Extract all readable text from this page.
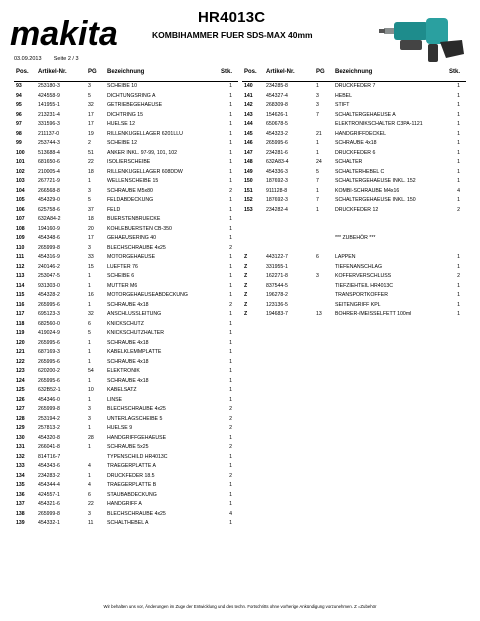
makita	HR4013C
KOMBIHAMMER FUER SDS-MAX 40mm
03.09.2013 Seite 2 / 3
Pos. Artikel-Nr.	PG Bezeichnung	Stk.
93	253180-3	3	SCHEIBE 10	1
94	424558-9	5	DICHTUNGSRING A	1
95	141955-1	32	GETRIEBEGEHAEUSE	1
96	213231-4	17	DICHTRING 15	1
97	331596-3	17	HUELSE 12	1
98	211137-0	19	RILLENKUGELLAGER 6201LLU	1
99	253744-3	2	SCHEIBE 12	1
100	513688-4	51	ANKER INKL. 97-99, 101, 102	1
101	681650-6	22	ISOLIERSCHEIBE	1
102	210005-4	18	RILLENKUGELLAGER 608DDW	1
103	267721-9	1	WELLENSCHEIBE 15	1
104	266568-8	3	SCHRAUBE M5x80	2
105	454329-0	5	FELDABDECKUNG	1
106	625758-6	37	FELD	1
107	632A84-2	18	BUERSTENBRUECKE	1
108	194160-9	20	KOHLEBUERSTEN CB-350	1
109	454348-6	17	GEHAEUSERING 40	1
110	265999-8	3	BLECHSCHRAUBE 4x25	2
111	454316-9	33	MOTORGEHAEUSE	1
112	240146-2	15	LUEFTER 76	1
113	253047-5	1	SCHEIBE 6	1
114	931303-0	1	MUTTER M6	1
115	454328-2	16	MOTORGEHAEUSEABDECKUNG	1
116	265995-6	1	SCHRAUBE 4x18	2
117	695123-3	32	ANSCHLUSSLEITUNG	1
118	682560-0	6	KNICKSCHUTZ	1
119	419024-9	5	KNICKSCHUTZHALTER	1
120	265995-6	1	SCHRAUBE 4x18	1
121	687169-3	1	KABELKLEMMPLATTE	1
122	265995-6	1	SCHRAUBE 4x18	1
123	620200-2	54	ELEKTRONIK	1
124	265995-6	1	SCHRAUBE 4x18	1
125	632B52-1	10	KABELSATZ	1
126	454346-0	1	LINSE	1
127	265999-8	3	BLECHSCHRAUBE 4x25	2
128	253194-2	3	UNTERLAGSCHEIBE 5	2
129	257813-2	1	HUELSE 9	2
130	454320-8	28	HANDGRIFFGEHAEUSE	1
131	266041-8	1	SCHRAUBE 5x25	2
132	814T16-7	TYPENSCHILD HR4013C	1
133	454343-6	4	TRAEGERPLATTE A	1
134	234283-2	1	DRUCKFEDER 18.5	2
135	454344-4	4	TRAEGERPLATTE B	1
136	424557-1	6	STAUBABDECKUNG	1
137	454321-6	22	HANDGRIFF A	1
138	265999-8	3	BLECHSCHRAUBE 4x25	4
139	454332-1	11	SCHALTHEBEL A	1
Pos. Artikel-Nr.	PG Bezeichnung	Stk.
140	234285-8	1	DRUCKFEDER 7	1
141	454327-4	3	HEBEL	1
142	268309-8	3	STIFT	1
143	154626-1	7	SCHALTERGEHAEUSE A	1
144	650678-5	ELEKTRONIKSCHALTER C3PA-1121	1
145	454323-2	21	HANDGRIFFDECKEL	1
146	265995-6	1	SCHRAUBE 4x18	1
147	234281-6	1	DRUCKFEDER 6	1
148	632A83-4	24	SCHALTER	1
149	454336-3	5	SCHALTERHEBEL C	1
150	187692-3	7	SCHALTERGEHAEUSE INKL. 152	1
151	911128-8	1	KOMBI-SCHRAUBE M4x16	4
152	187692-3	7	SCHALTERGEHAEUSE INKL. 150	1
153	234282-4	1	DRUCKFEDER 12	2
*** ZUBEHÖR ***
Z	443122-7	6	LAPPEN	1
Z	331955-1	TIEFENANSCHLAG	1
Z	162271-8	3	KOFFERVERSCHLUSS	2
Z	837544-5	TIEFZIEHTEIL HR4013C	1
Z	196278-2	TRANSPORTKOFFER	1
Z	123136-5	SEITENGRIFF KPL	1
Z	194683-7	13	BOHRER-/MEISSELFETT 100ml	1
Wir behalten uns vor, Änderungen im Zuge der Entwicklung und des techn. Fortschritts ohne vorherige Ankündigung vorzunehmen. Z =Zubehör
